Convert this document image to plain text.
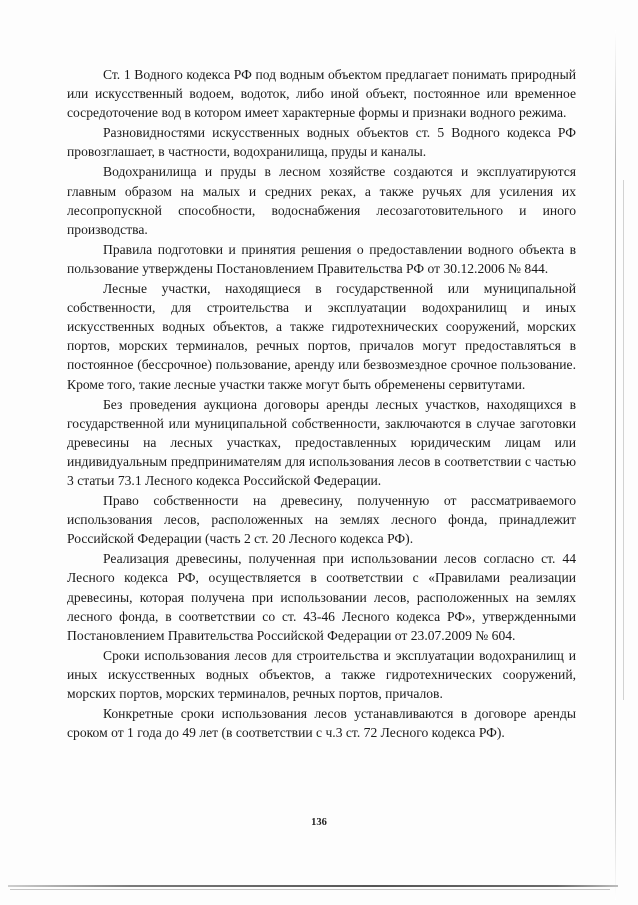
Ст. 1 Водного кодекса РФ под водным объектом предлагает понимать природный или искусственный водоем, водоток, либо иной объект, постоянное или временное сосредоточение вод в котором имеет характерные формы и признаки водного режима.

Разновидностями искусственных водных объектов ст. 5 Водного кодекса РФ провозглашает, в частности, водохранилища, пруды и каналы.

Водохранилища и пруды в лесном хозяйстве создаются и эксплуатируются главным образом на малых и средних реках, а также ручьях для усиления их лесопропускной способности, водоснабжения лесозаготовительного и иного производства.

Правила подготовки и принятия решения о предоставлении водного объекта в пользование утверждены Постановлением Правительства РФ от 30.12.2006 № 844.

Лесные участки, находящиеся в государственной или муниципальной собственности, для строительства и эксплуатации водохранилищ и иных искусственных водных объектов, а также гидротехнических сооружений, морских портов, морских терминалов, речных портов, причалов могут предоставляться в постоянное (бессрочное) пользование, аренду или безвозмездное срочное пользование. Кроме того, такие лесные участки также могут быть обременены сервитутами.

Без проведения аукциона договоры аренды лесных участков, находящихся в государственной или муниципальной собственности, заключаются в случае заготовки древесины на лесных участках, предоставленных юридическим лицам или индивидуальным предпринимателям для использования лесов в соответствии с частью 3 статьи 73.1 Лесного кодекса Российской Федерации.

Право собственности на древесину, полученную от рассматриваемого использования лесов, расположенных на землях лесного фонда, принадлежит Российской Федерации (часть 2 ст. 20 Лесного кодекса РФ).

Реализация древесины, полученная при использовании лесов согласно ст. 44 Лесного кодекса РФ, осуществляется в соответствии с «Правилами реализации древесины, которая получена при использовании лесов, расположенных на землях лесного фонда, в соответствии со ст. 43-46 Лесного кодекса РФ», утвержденными Постановлением Правительства Российской Федерации от 23.07.2009 № 604.

Сроки использования лесов для строительства и эксплуатации водохранилищ и иных искусственных водных объектов, а также гидротехнических сооружений, морских портов, морских терминалов, речных портов, причалов.

Конкретные сроки использования лесов устанавливаются в договоре аренды сроком от 1 года до 49 лет (в соответствии с ч.3 ст. 72 Лесного кодекса РФ).

136
